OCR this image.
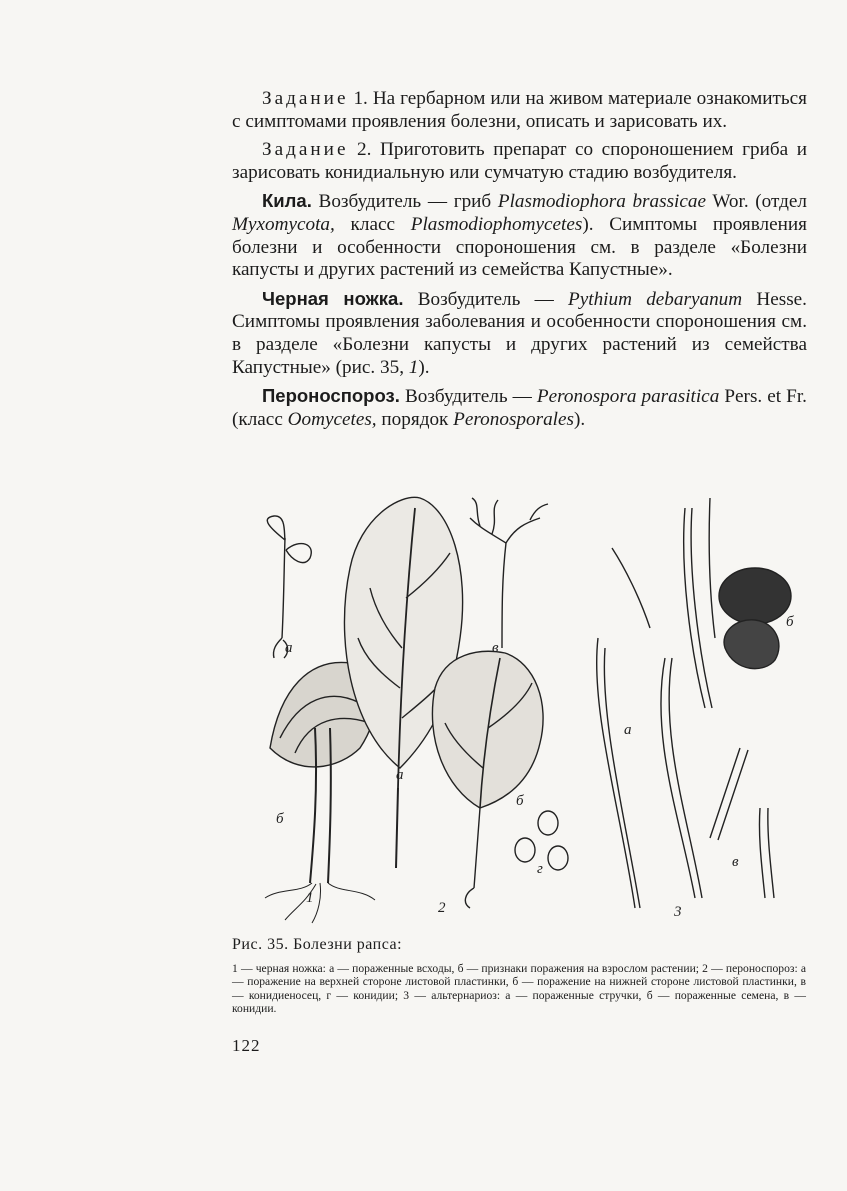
Задание 1. На гербарном или на живом материале ознакомиться с симптомами проявления болезни, описать и зарисовать их.

Задание 2. Приготовить препарат со спороношением гриба и зарисовать конидиальную или сумчатую стадию возбудителя.

Кила. Возбудитель — гриб Plasmodiophora brassicae Wor. (отдел Myxomycota, класс Plasmodiophomycetes). Симптомы проявления болезни и особенности спороношения см. в разделе «Болезни капусты и других растений из семейства Капустные».

Черная ножка. Возбудитель — Pythium debaryanum Hesse. Симптомы проявления заболевания и особенности спороношения см. в разделе «Болезни капусты и других растений из семейства Капустные» (рис. 35, 1).

Пероноспороз. Возбудитель — Peronospora parasitica Pers. et Fr. (класс Oomycetes, порядок Peronosporales).

а
б
1
а
б
в
г
2
а
б
в
3
Рис. 35. Болезни рапса:
1 — черная ножка: а — пораженные всходы, б — признаки поражения на взрослом растении; 2 — пероноспороз: а — поражение на верхней стороне листовой пластинки, б — поражение на нижней стороне листовой пластинки, в — конидиеносец, г — конидии; 3 — альтернариоз: а — пораженные стручки, б — пораженные семена, в — конидии.
122
